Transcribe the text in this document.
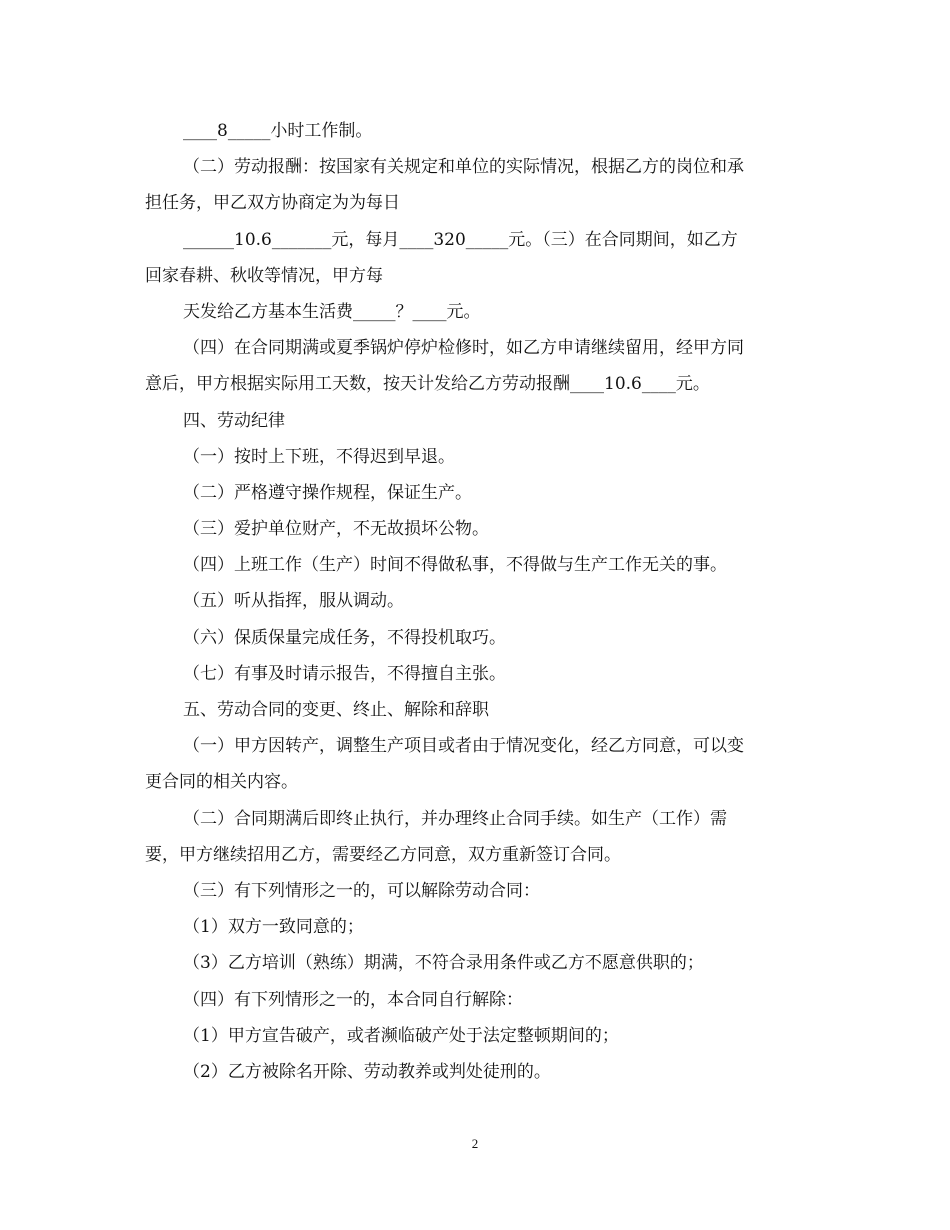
____8_____小时工作制。
（二）劳动报酬：按国家有关规定和单位的实际情况，根据乙方的岗位和承
担任务，甲乙双方协商定为为每日
______10.6_______元，每月____320_____元。（三）在合同期间，如乙方
回家春耕、秋收等情况，甲方每
天发给乙方基本生活费_____？____元。
（四）在合同期满或夏季锅炉停炉检修时，如乙方申请继续留用，经甲方同
意后，甲方根据实际用工天数，按天计发给乙方劳动报酬____10.6____元。
四、劳动纪律
（一）按时上下班，不得迟到早退。
（二）严格遵守操作规程，保证生产。
（三）爱护单位财产，不无故损坏公物。
（四）上班工作（生产）时间不得做私事，不得做与生产工作无关的事。
（五）听从指挥，服从调动。
（六）保质保量完成任务，不得投机取巧。
（七）有事及时请示报告，不得擅自主张。
五、劳动合同的变更、终止、解除和辞职
（一）甲方因转产，调整生产项目或者由于情况变化，经乙方同意，可以变
更合同的相关内容。
（二）合同期满后即终止执行，并办理终止合同手续。如生产（工作）需
要，甲方继续招用乙方，需要经乙方同意，双方重新签订合同。
（三）有下列情形之一的，可以解除劳动合同：
（1）双方一致同意的；
（3）乙方培训（熟练）期满，不符合录用条件或乙方不愿意供职的；
（四）有下列情形之一的，本合同自行解除：
（1）甲方宣告破产，或者濒临破产处于法定整顿期间的；
（2）乙方被除名开除、劳动教养或判处徒刑的。
2
